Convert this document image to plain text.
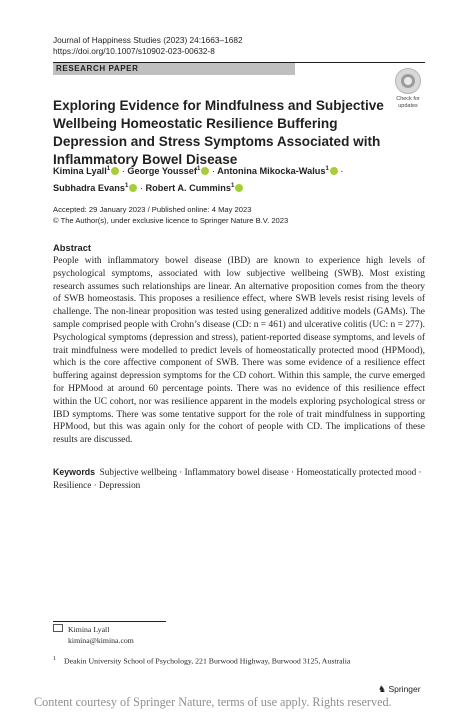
Journal of Happiness Studies (2023) 24:1663–1682
https://doi.org/10.1007/s10902-023-00632-8
RESEARCH PAPER
Check for
updates
Exploring Evidence for Mindfulness and Subjective Wellbeing Homeostatic Resilience Buffering Depression and Stress Symptoms Associated with Inflammatory Bowel Disease
Kimina Lyall$^1$ · George Youssef$^1$ · Antonina Mikocka‑Walus$^1$ ·
Subhadra Evans$^1$ · Robert A. Cummins$^1$
Accepted: 29 January 2023 / Published online: 4 May 2023
© The Author(s), under exclusive licence to Springer Nature B.V. 2023
Abstract
People with inflammatory bowel disease (IBD) are known to experience high levels of psychological symptoms, associated with low subjective wellbeing (SWB). Most existing research assumes such relationships are linear. An alternative proposition comes from the theory of SWB homeostasis. This proposes a resilience effect, where SWB levels resist rising levels of challenge. The non-linear proposition was tested using generalized additive models (GAMs). The sample comprised people with Crohn’s disease (CD: n = 461) and ulcerative colitis (UC: n = 277). Psychological symptoms (depression and stress), patient-reported disease symptoms, and levels of trait mindfulness were modelled to predict levels of homeostatically protected mood (HPMood), which is the core affective component of SWB. There was some evidence of a resilience effect buffering against depression symptoms for the CD cohort. Within this sample, the curve emerged for HPMood at around 60 percentage points. There was no evidence of this resilience effect within the UC cohort, nor was resilience apparent in the models exploring psychological stress or IBD symptoms. There was some tentative support for the role of trait mindfulness in supporting HPMood, but this was again only for the cohort of people with CD. The implications of these results are discussed.
Keywords Subjective wellbeing · Inflammatory bowel disease · Homeostatically protected mood · Resilience · Depression
Kimina Lyall
kimina@kimina.com
$^1$ Deakin University School of Psychology, 221 Burwood Highway, Burwood 3125, Australia
♞ Springer
Content courtesy of Springer Nature, terms of use apply. Rights reserved.
